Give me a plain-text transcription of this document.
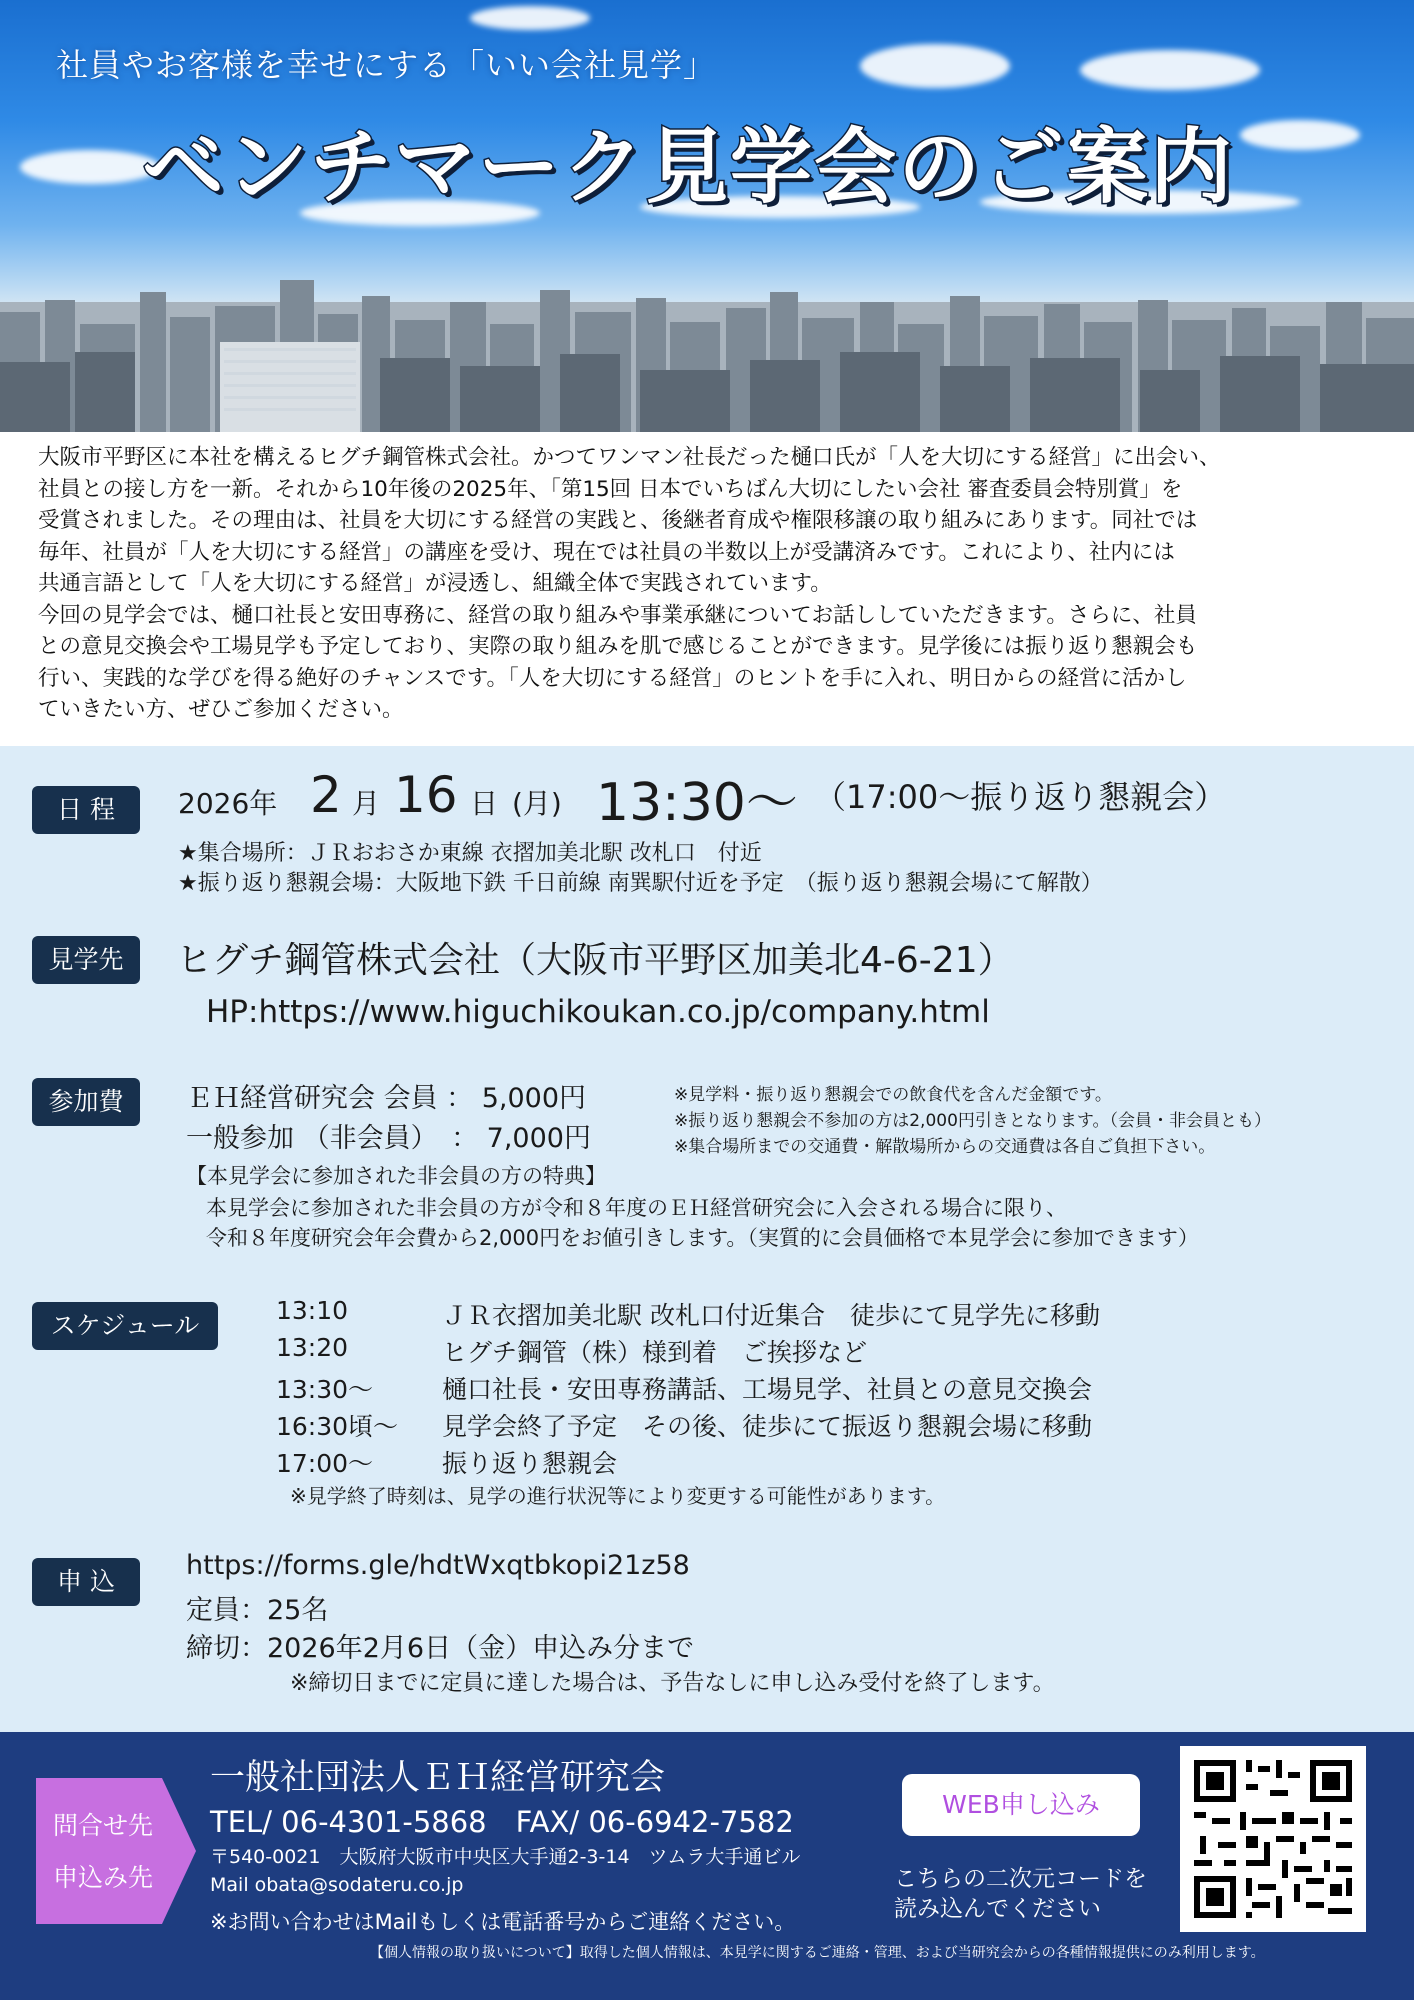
社員やお客様を幸せにする「いい会社見学」
ベンチマーク見学会のご案内

大阪市平野区に本社を構えるヒグチ鋼管株式会社。かつてワンマン社長だった樋口氏が「人を大切にする経営」に出会い、
社員との接し方を一新。それから10年後の2025年、「第15回 日本でいちばん大切にしたい会社 審査委員会特別賞」を
受賞されました。その理由は、社員を大切にする経営の実践と、後継者育成や権限移譲の取り組みにあります。同社では
毎年、社員が「人を大切にする経営」の講座を受け、現在では社員の半数以上が受講済みです。これにより、社内には
共通言語として「人を大切にする経営」が浸透し、組織全体で実践されています。

今回の見学会では、樋口社長と安田専務に、経営の取り組みや事業承継についてお話ししていただきます。さらに、社員
との意見交換会や工場見学も予定しており、実際の取り組みを肌で感じることができます。見学後には振り返り懇親会も
行い、実践的な学びを得る絶好のチャンスです。「人を大切にする経営」のヒントを手に入れ、明日からの経営に活かし
ていきたい方、ぜひご参加ください。

日 程	2026年 2 月 16 日 (月) 13:30～ （17:00～振り返り懇親会）
★集合場所：ＪＲおおさか東線 衣摺加美北駅 改札口　付近
★振り返り懇親会場：大阪地下鉄 千日前線 南巽駅付近を予定　（振り返り懇親会場にて解散）
見学先	ヒグチ鋼管株式会社（大阪市平野区加美北4-6-21）
HP:https://www.higuchikoukan.co.jp/company.html
参加費	ＥＨ経営研究会 会員 ： 5,000円
一般参加 （非会員）　： 7,000円
※見学料・振り返り懇親会での飲食代を含んだ金額です。
※振り返り懇親会不参加の方は2,000円引きとなります。（会員・非会員とも）
※集合場所までの交通費・解散場所からの交通費は各自ご負担下さい。
【本見学会に参加された非会員の方の特典】
本見学会に参加された非会員の方が令和８年度のＥＨ経営研究会に入会される場合に限り、
令和８年度研究会年会費から2,000円をお値引きします。（実質的に会員価格で本見学会に参加できます）
スケジュール
13:10	ＪＲ衣摺加美北駅 改札口付近集合　徒歩にて見学先に移動
13:20	ヒグチ鋼管（株）様到着　ご挨拶など
13:30～	樋口社長・安田専務講話、工場見学、社員との意見交換会
16:30頃～ 見学会終了予定　その後、徒歩にて振返り懇親会場に移動
17:00～	振り返り懇親会
※見学終了時刻は、見学の進行状況等により変更する可能性があります。
申 込
https://forms.gle/hdtWxqtbkopi21z58
定員：25名
締切：2026年2月6日（金）申込み分まで
※締切日までに定員に達した場合は、予告なしに申し込み受付を終了します。
問合せ先
申込み先
一般社団法人ＥＨ経営研究会
TEL/ 06-4301-5868　FAX/ 06-6942-7582
〒540-0021　大阪府大阪市中央区大手通2-3-14　ツムラ大手通ビル
Mail obata@sodateru.co.jp
※お問い合わせはMailもしくは電話番号からご連絡ください。
WEB申し込み
こちらの二次元コードを
読み込んでください
【個人情報の取り扱いについて】取得した個人情報は、本見学に関するご連絡・管理、および当研究会からの各種情報提供にのみ利用します。
